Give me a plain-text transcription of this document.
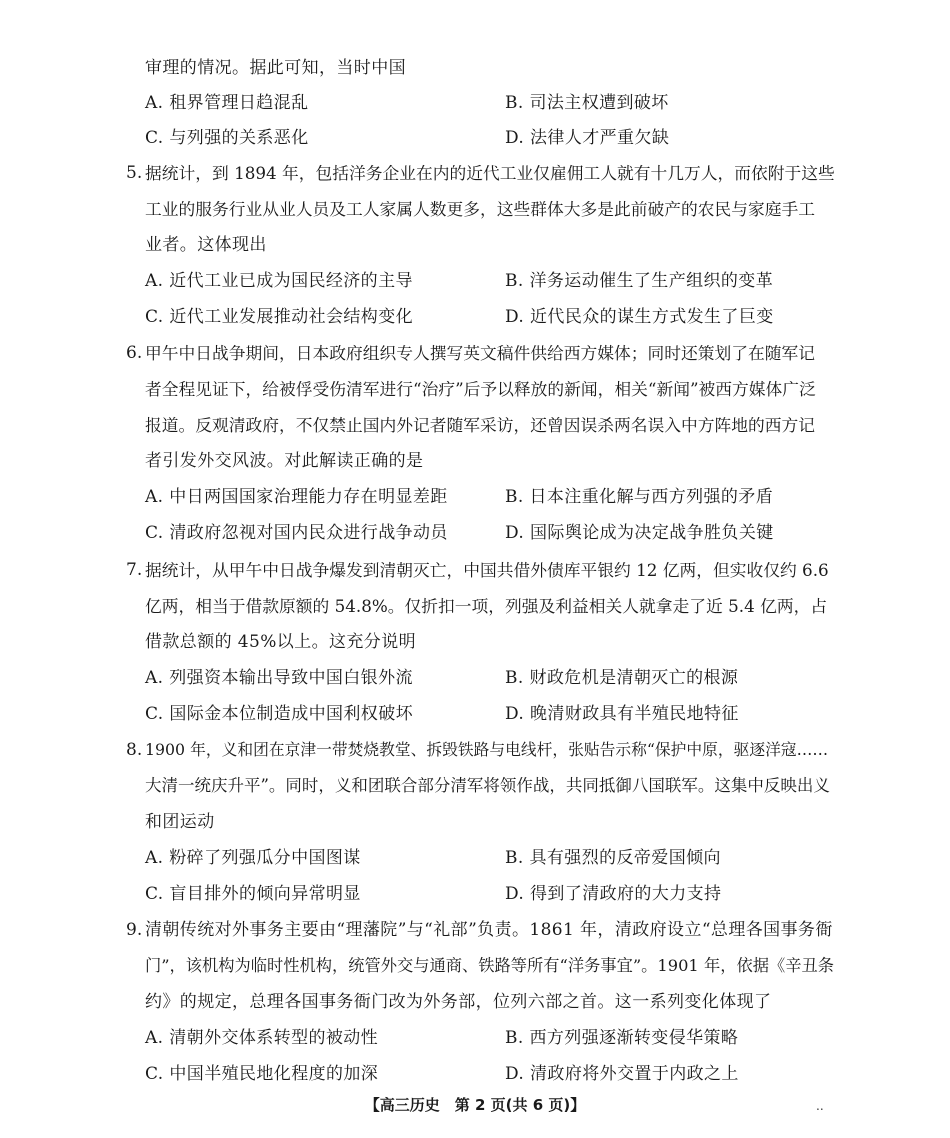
审理的情况。据此可知，当时中国
A. 租界管理日趋混乱	B. 司法主权遭到破坏
C. 与列强的关系恶化	D. 法律人才严重欠缺
5. 据统计，到 1894 年，包括洋务企业在内的近代工业仅雇佣工人就有十几万人，而依附于这些
工业的服务行业从业人员及工人家属人数更多，这些群体大多是此前破产的农民与家庭手工
业者。这体现出
A. 近代工业已成为国民经济的主导	B. 洋务运动催生了生产组织的变革
C. 近代工业发展推动社会结构变化	D. 近代民众的谋生方式发生了巨变
6. 甲午中日战争期间，日本政府组织专人撰写英文稿件供给西方媒体；同时还策划了在随军记
者全程见证下，给被俘受伤清军进行“治疗”后予以释放的新闻，相关“新闻”被西方媒体广泛
报道。反观清政府，不仅禁止国内外记者随军采访，还曾因误杀两名误入中方阵地的西方记
者引发外交风波。对此解读正确的是
A. 中日两国国家治理能力存在明显差距	B. 日本注重化解与西方列强的矛盾
C. 清政府忽视对国内民众进行战争动员	D. 国际舆论成为决定战争胜负关键
7. 据统计，从甲午中日战争爆发到清朝灭亡，中国共借外债库平银约 12 亿两，但实收仅约 6.6
亿两，相当于借款原额的 54.8%。仅折扣一项，列强及利益相关人就拿走了近 5.4 亿两，占
借款总额的 45%以上。这充分说明
A. 列强资本输出导致中国白银外流	B. 财政危机是清朝灭亡的根源
C. 国际金本位制造成中国利权破坏	D. 晚清财政具有半殖民地特征
8. 1900 年，义和团在京津一带焚烧教堂、拆毁铁路与电线杆，张贴告示称“保护中原，驱逐洋寇……
大清一统庆升平”。同时，义和团联合部分清军将领作战，共同抵御八国联军。这集中反映出义
和团运动
A. 粉碎了列强瓜分中国图谋	B. 具有强烈的反帝爱国倾向
C. 盲目排外的倾向异常明显	D. 得到了清政府的大力支持
9. 清朝传统对外事务主要由“理藩院”与“礼部”负责。1861 年，清政府设立“总理各国事务衙
门”，该机构为临时性机构，统管外交与通商、铁路等所有“洋务事宜”。1901 年，依据《辛丑条
约》的规定，总理各国事务衙门改为外务部，位列六部之首。这一系列变化体现了
A. 清朝外交体系转型的被动性	B. 西方列强逐渐转变侵华策略
C. 中国半殖民地化程度的加深	D. 清政府将外交置于内政之上
【高三历史　第 2 页(共 6 页)】	..
